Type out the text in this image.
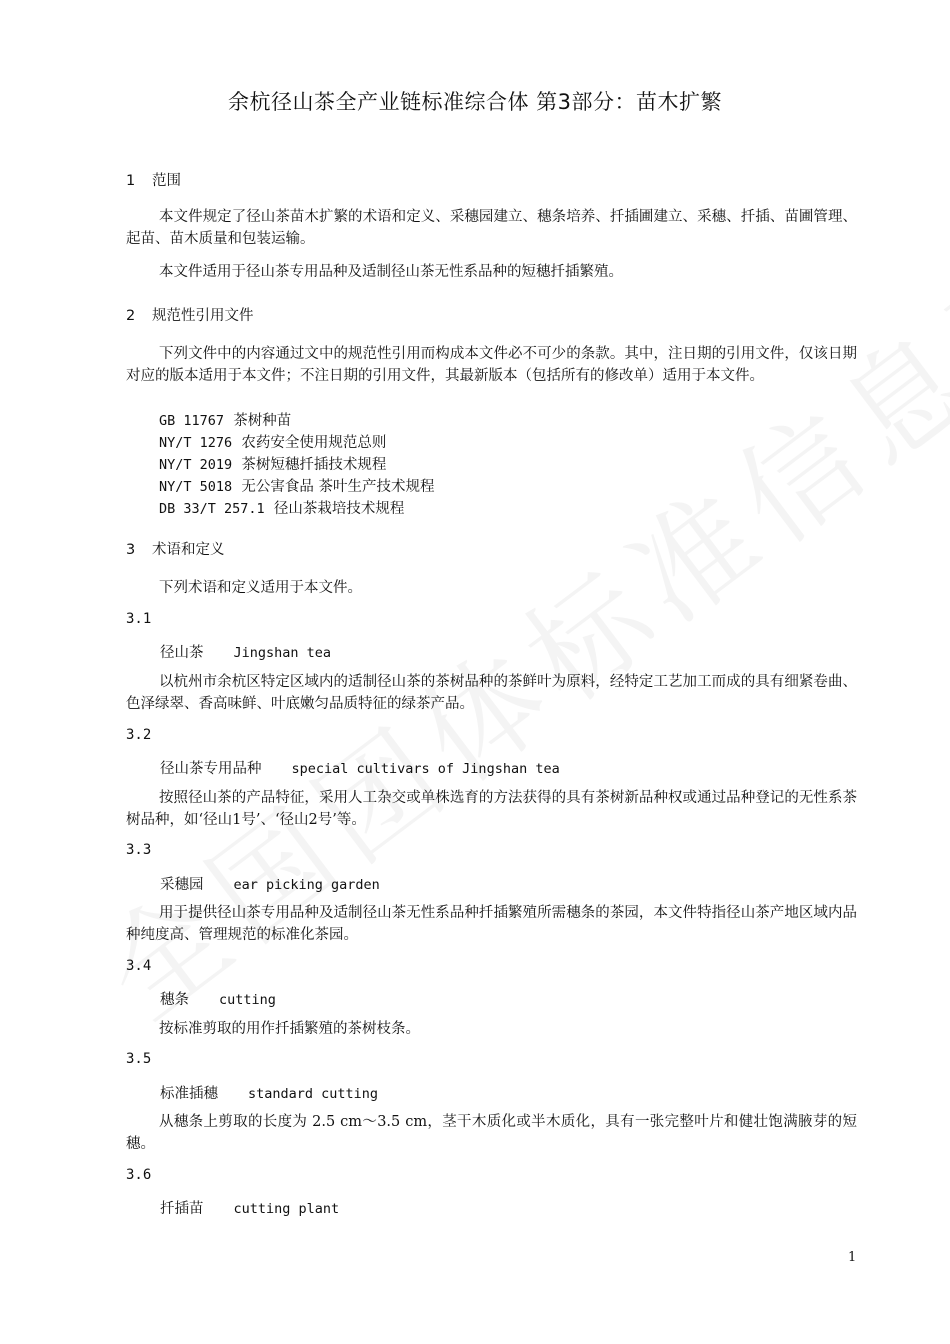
余杭径山茶全产业链标准综合体 第3部分：苗木扩繁
1 范围
本文件规定了径山茶苗木扩繁的术语和定义、采穗园建立、穗条培养、扦插圃建立、采穗、扦插、苗圃管理、起苗、苗木质量和包装运输。
本文件适用于径山茶专用品种及适制径山茶无性系品种的短穗扦插繁殖。
2 规范性引用文件
下列文件中的内容通过文中的规范性引用而构成本文件必不可少的条款。其中，注日期的引用文件，仅该日期对应的版本适用于本文件；不注日期的引用文件，其最新版本（包括所有的修改单）适用于本文件。
GB 11767 茶树种苗
NY/T 1276 农药安全使用规范总则
NY/T 2019 茶树短穗扦插技术规程
NY/T 5018 无公害食品 茶叶生产技术规程
DB 33/T 257.1 径山茶栽培技术规程
3 术语和定义
下列术语和定义适用于本文件。
3.1
径山茶 Jingshan tea
以杭州市余杭区特定区域内的适制径山茶的茶树品种的茶鲜叶为原料，经特定工艺加工而成的具有细紧卷曲、色泽绿翠、香高味鲜、叶底嫩匀品质特征的绿茶产品。
3.2
径山茶专用品种 special cultivars of Jingshan tea
按照径山茶的产品特征，采用人工杂交或单株选育的方法获得的具有茶树新品种权或通过品种登记的无性系茶树品种，如‘径山1号’、‘径山2号’等。
3.3
采穗园 ear picking garden
用于提供径山茶专用品种及适制径山茶无性系品种扦插繁殖所需穗条的茶园，本文件特指径山茶产地区域内品种纯度高、管理规范的标准化茶园。
3.4
穗条 cutting
按标准剪取的用作扦插繁殖的茶树枝条。
3.5
标准插穗 standard cutting
从穗条上剪取的长度为 2.5 cm～3.5 cm，茎干木质化或半木质化，具有一张完整叶片和健壮饱满腋芽的短穗。
3.6
扦插苗 cutting plant
1
